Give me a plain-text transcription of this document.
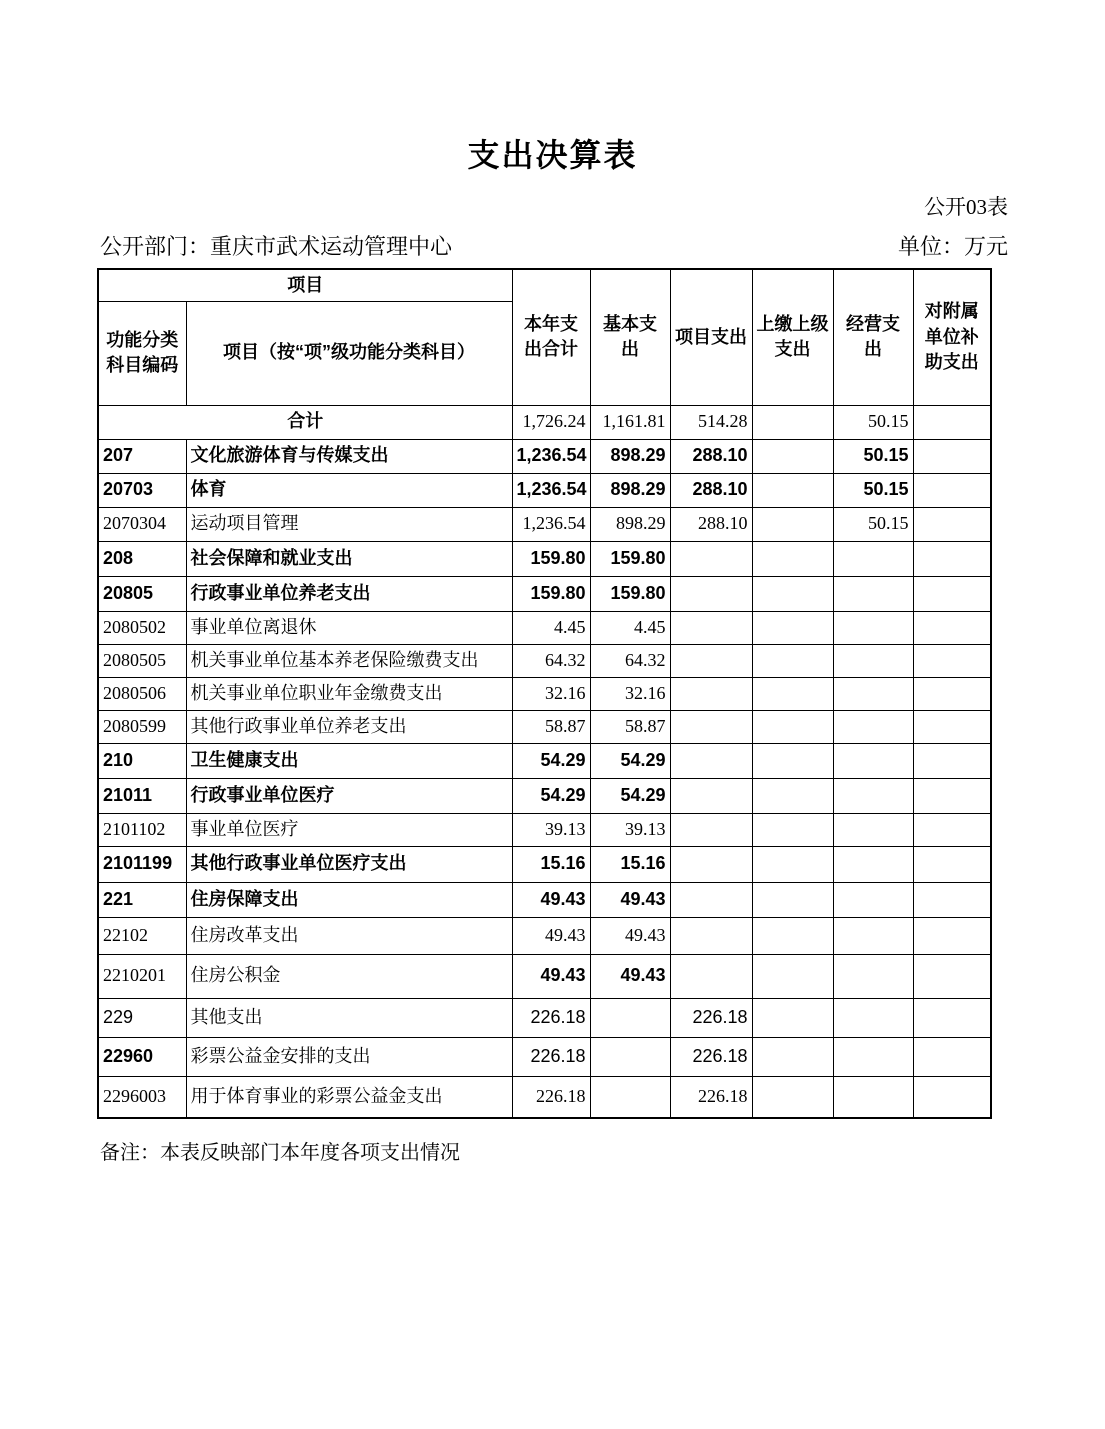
支出决算表
公开03表
公开部门：重庆市武术运动管理中心	单位：万元
项目		本年支出合计	基本支出	项目支出	上缴上级支出	经营支出	对附属单位补助支出
功能分类科目编码	项目（按“项”级功能分类科目）						
合计		1,726.24	1,161.81	514.28		50.15	
207	文化旅游体育与传媒支出	1,236.54	898.29	288.10		50.15	
20703	体育	1,236.54	898.29	288.10		50.15	
2070304	运动项目管理	1,236.54	898.29	288.10		50.15	
208	社会保障和就业支出	159.80	159.80				
20805	行政事业单位养老支出	159.80	159.80				
2080502	事业单位离退休	4.45	4.45				
2080505	机关事业单位基本养老保险缴费支出	64.32	64.32				
2080506	机关事业单位职业年金缴费支出	32.16	32.16				
2080599	其他行政事业单位养老支出	58.87	58.87				
210	卫生健康支出	54.29	54.29				
21011	行政事业单位医疗	54.29	54.29				
2101102	事业单位医疗	39.13	39.13				
2101199	其他行政事业单位医疗支出	15.16	15.16				
221	住房保障支出	49.43	49.43				
22102	住房改革支出	49.43	49.43				
2210201	住房公积金	49.43	49.43				
229	其他支出	226.18		226.18			
22960	彩票公益金安排的支出	226.18		226.18			
2296003	用于体育事业的彩票公益金支出	226.18		226.18			
备注：本表反映部门本年度各项支出情况
